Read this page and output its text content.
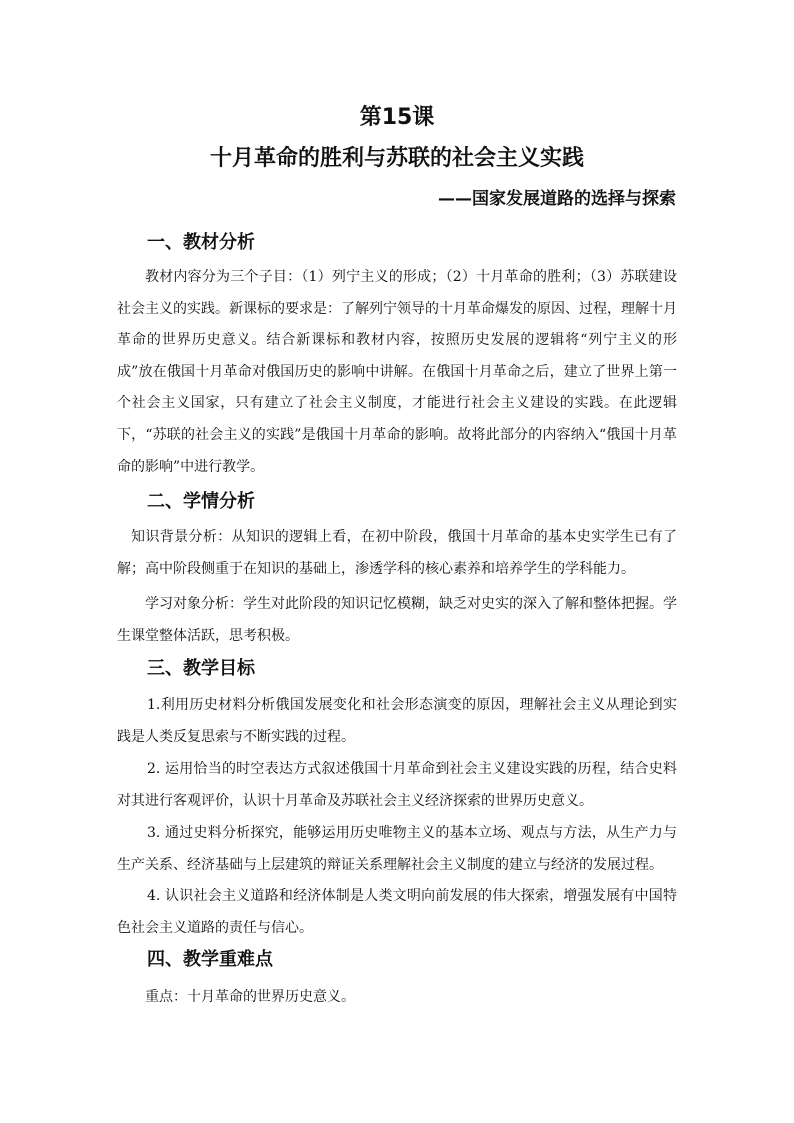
第15课
十月革命的胜利与苏联的社会主义实践
——国家发展道路的选择与探索
一、教材分析
教材内容分为三个子目：（1）列宁主义的形成；（2）十月革命的胜利；（3）苏联建设社会主义的实践。新课标的要求是：了解列宁领导的十月革命爆发的原因、过程，理解十月革命的世界历史意义。结合新课标和教材内容，按照历史发展的逻辑将“列宁主义的形成”放在俄国十月革命对俄国历史的影响中讲解。在俄国十月革命之后，建立了世界上第一个社会主义国家，只有建立了社会主义制度，才能进行社会主义建设的实践。在此逻辑下，“苏联的社会主义的实践”是俄国十月革命的影响。故将此部分的内容纳入“俄国十月革命的影响”中进行教学。
二、学情分析
知识背景分析：从知识的逻辑上看，在初中阶段，俄国十月革命的基本史实学生已有了解；高中阶段侧重于在知识的基础上，渗透学科的核心素养和培养学生的学科能力。
学习对象分析：学生对此阶段的知识记忆模糊，缺乏对史实的深入了解和整体把握。学生课堂整体活跃，思考积极。
三、教学目标
1.利用历史材料分析俄国发展变化和社会形态演变的原因，理解社会主义从理论到实践是人类反复思索与不断实践的过程。
2. 运用恰当的时空表达方式叙述俄国十月革命到社会主义建设实践的历程，结合史料对其进行客观评价，认识十月革命及苏联社会主义经济探索的世界历史意义。
3. 通过史料分析探究，能够运用历史唯物主义的基本立场、观点与方法，从生产力与生产关系、经济基础与上层建筑的辩证关系理解社会主义制度的建立与经济的发展过程。
4. 认识社会主义道路和经济体制是人类文明向前发展的伟大探索，增强发展有中国特色社会主义道路的责任与信心。
四、教学重难点
重点：十月革命的世界历史意义。
